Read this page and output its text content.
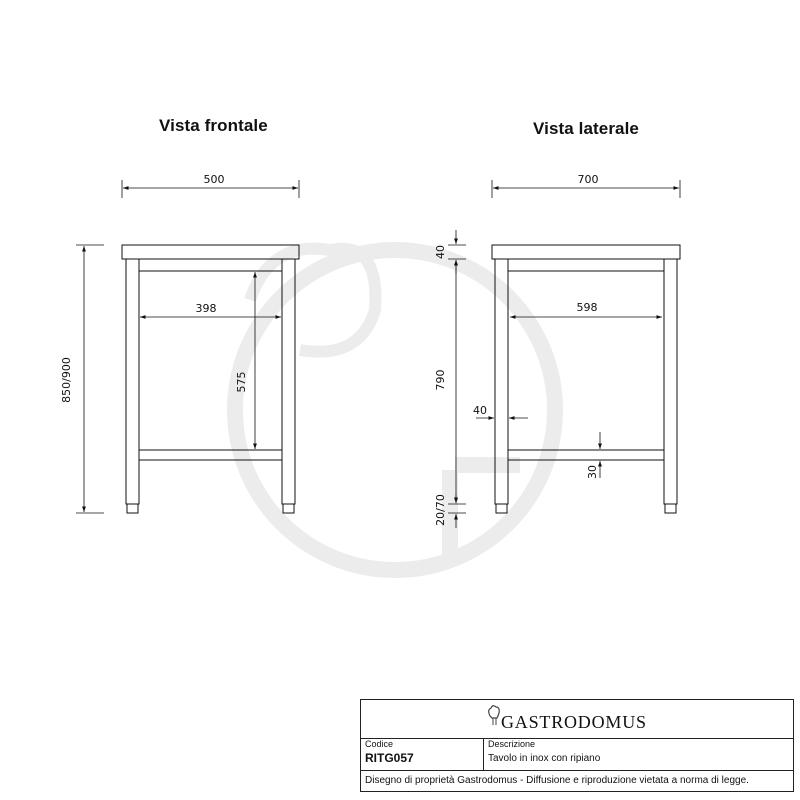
Vista frontale	Vista laterale
500
398
575
850/900
700
598
40
790
40
30
20/70
GASTRODOMUS
Codice
RITG057
Descrizione
Tavolo in inox con ripiano
Disegno di proprietà Gastrodomus - Diffusione e riproduzione vietata a norma di legge.
